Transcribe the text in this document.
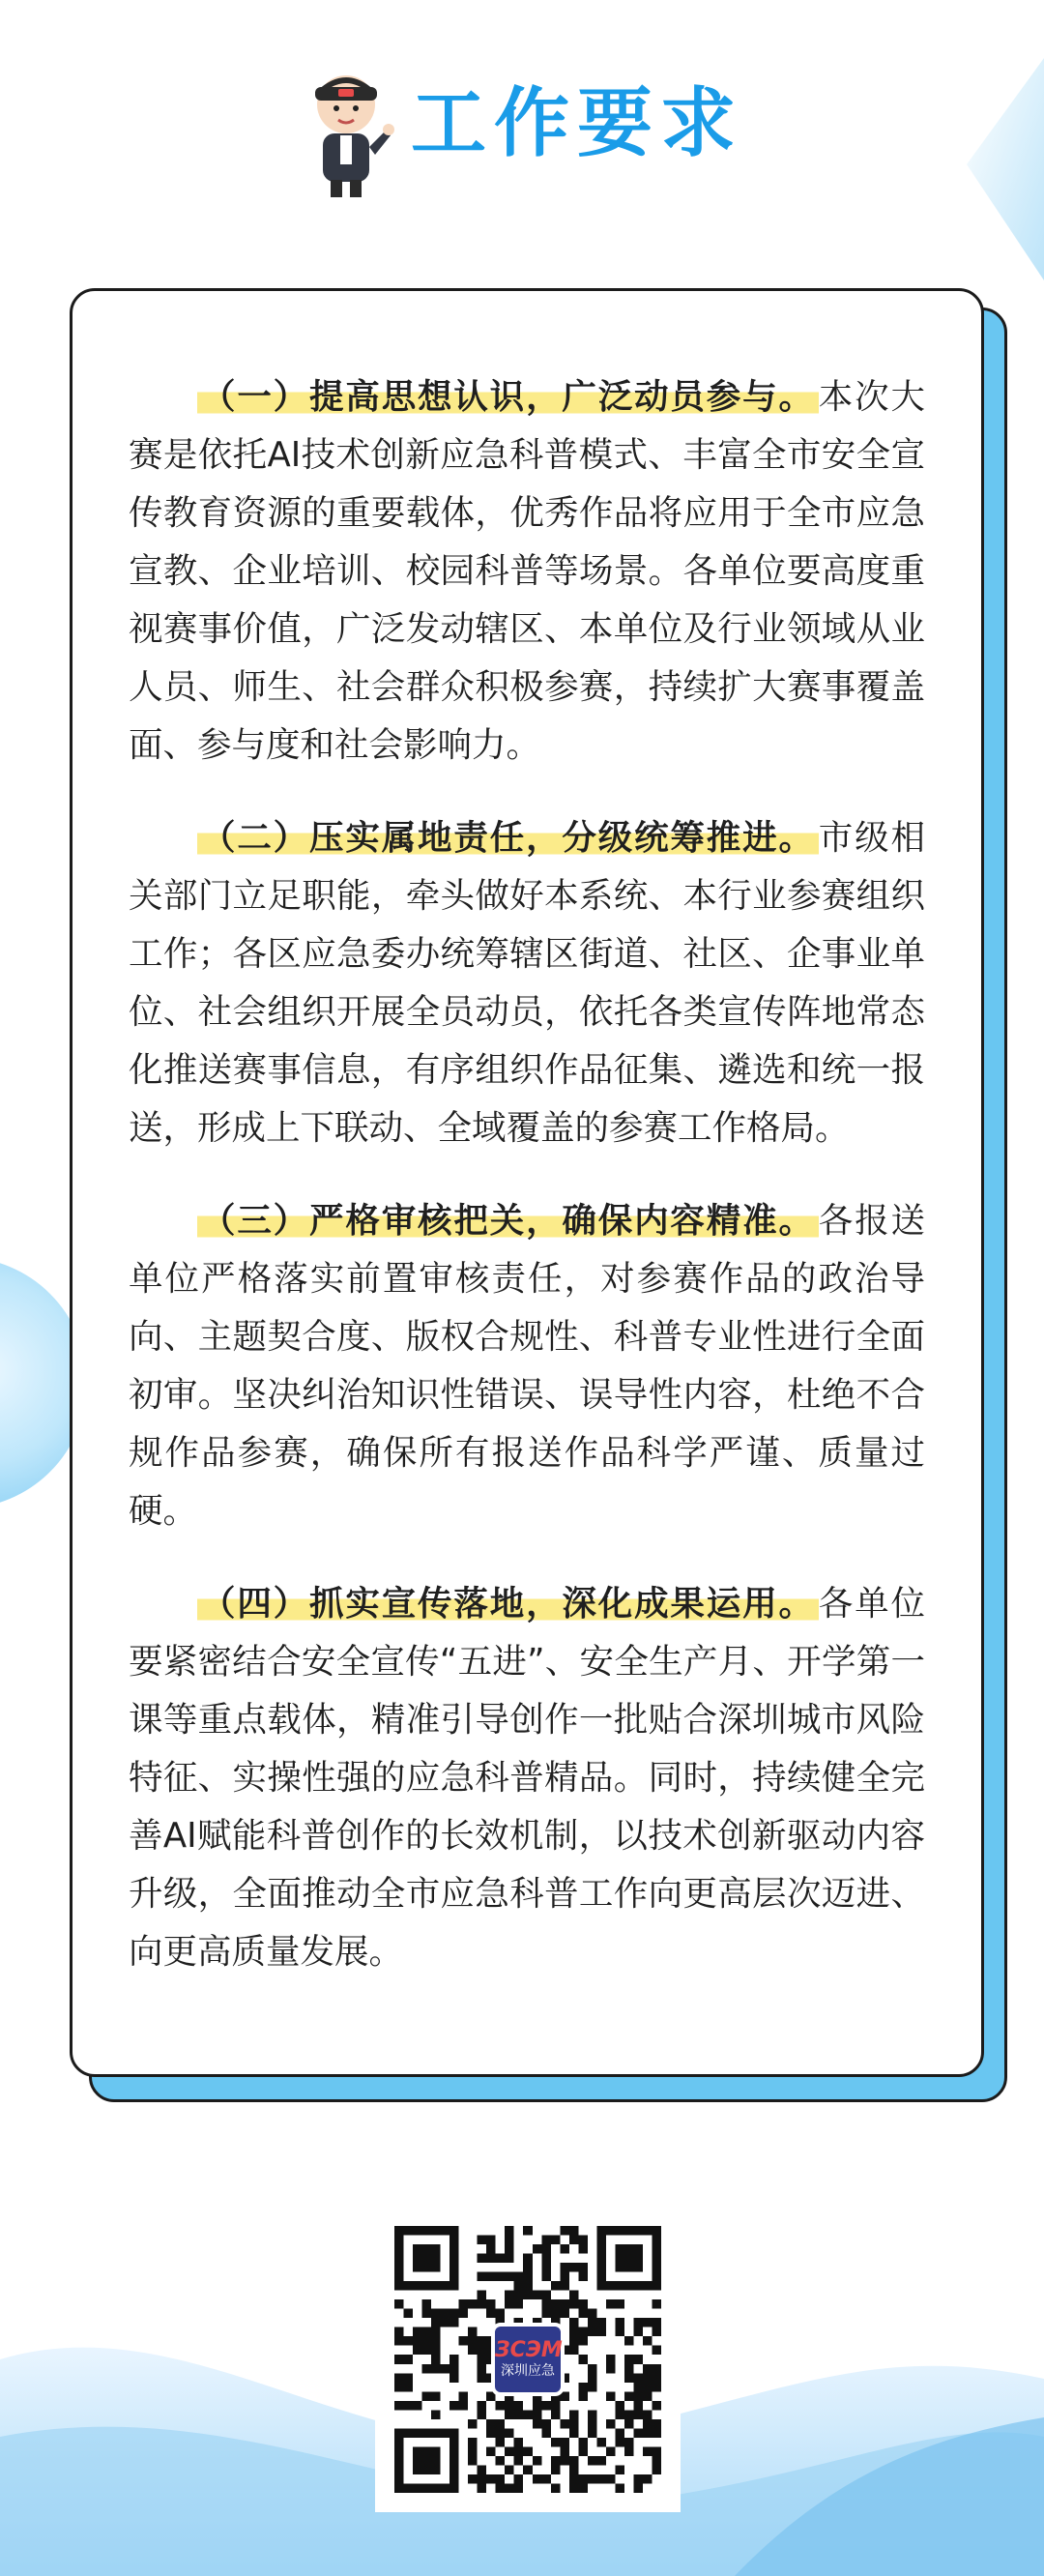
工作要求

（一）提高思想认识，广泛动员参与。 本次大赛是依托AI技术创新应急科普模式、丰富全市安全宣传教育资源的重要载体，优秀作品将应用于全市应急宣教、企业培训、校园科普等场景。各单位要高度重视赛事价值，广泛发动辖区、本单位及行业领域从业人员、师生、社会群众积极参赛，持续扩大赛事覆盖面、参与度和社会影响力。

（二）压实属地责任，分级统筹推进。 市级相关部门立足职能，牵头做好本系统、本行业参赛组织工作；各区应急委办统筹辖区街道、社区、企事业单位、社会组织开展全员动员，依托各类宣传阵地常态化推送赛事信息，有序组织作品征集、遴选和统一报送，形成上下联动、全域覆盖的参赛工作格局。

（三）严格审核把关，确保内容精准。 各报送单位严格落实前置审核责任，对参赛作品的政治导向、主题契合度、版权合规性、科普专业性进行全面初审。坚决纠治知识性错误、误导性内容，杜绝不合规作品参赛，确保所有报送作品科学严谨、质量过硬。

（四）抓实宣传落地，深化成果运用。 各单位要紧密结合安全宣传“五进”、安全生产月、开学第一课等重点载体，精准引导创作一批贴合深圳城市风险特征、实操性强的应急科普精品。同时，持续健全完善AI赋能科普创作的长效机制，以技术创新驱动内容升级，全面推动全市应急科普工作向更高层次迈进、向更高质量发展。

ЗСЭМ
深圳应急
